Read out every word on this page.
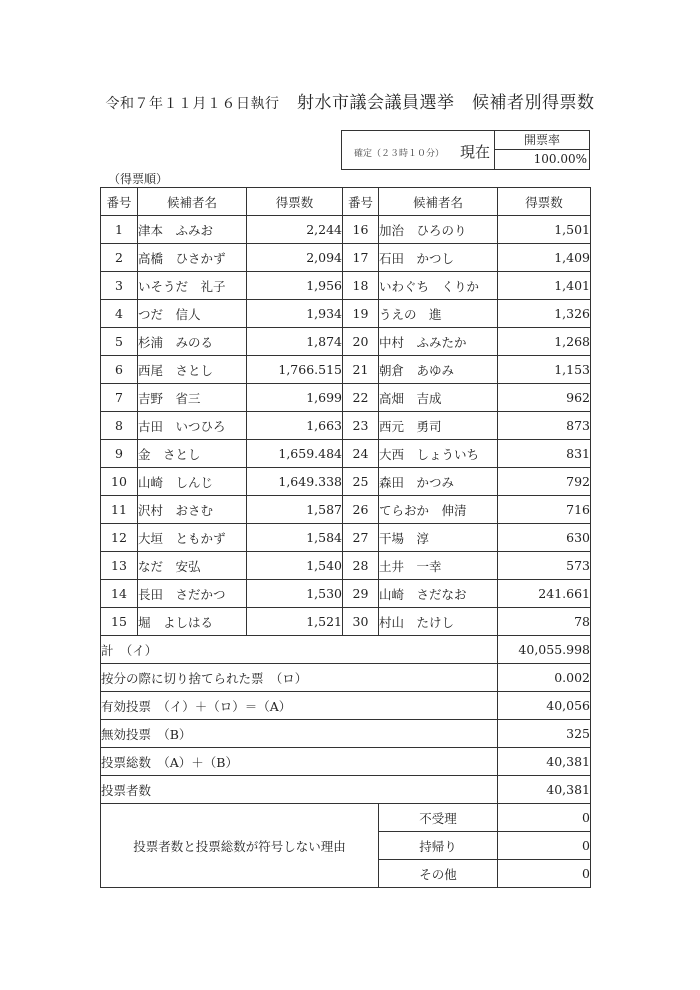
令和７年１１月１６日執行　 射水市議会議員選挙　 候補者別得票数
確定（２３時１０分） 現在
開票率
100.00%
（得票順）
番号	候補者名	得票数	番号	候補者名	得票数
1	津本　ふみお	2,244	16	加治　ひろのり	1,501
2	高橋　ひさかず	2,094	17	石田　かつし	1,409
3	いそうだ　礼子	1,956	18	いわぐち　くりか	1,401
4	つだ　信人	1,934	19	うえの　進	1,326
5	杉浦　みのる	1,874	20	中村　ふみたか	1,268
6	西尾　さとし	1,766.515	21	朝倉　あゆみ	1,153
7	吉野　省三	1,699	22	高畑　吉成	962
8	古田　いつひろ	1,663	23	西元　勇司	873
9	金　さとし	1,659.484	24	大西　しょういち	831
10	山崎　しんじ	1,649.338	25	森田　かつみ	792
11	沢村　おさむ	1,587	26	てらおか　伸清	716
12	大垣　ともかず	1,584	27	干場　淳	630
13	なだ　安弘	1,540	28	土井　一幸	573
14	長田　さだかつ	1,530	29	山崎　さだなお	241.661
15	堀　よしはる	1,521	30	村山　たけし	78
計　（イ）					40,055.998
按分の際に切り捨てられた票　（ロ）					0.002
有効投票　（イ）＋（ロ）＝（A）					40,056
無効投票　（B）					325
投票総数　（A）＋（B）					40,381
投票者数					40,381
投票者数と投票総数が符号しない理由				不受理	0
				持帰り	0
				その他	0
